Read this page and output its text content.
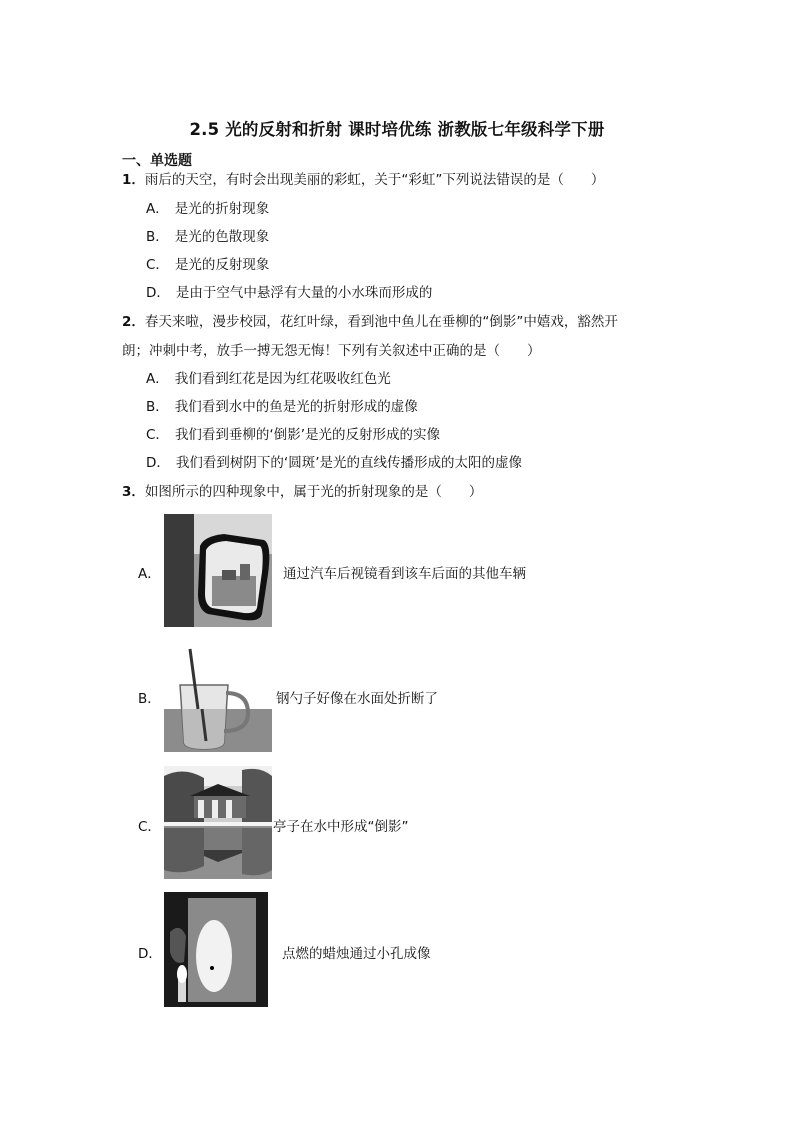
2.5 光的反射和折射 课时培优练 浙教版七年级科学下册
一、单选题
1．雨后的天空，有时会出现美丽的彩虹，关于“彩虹”下列说法错误的是（　　）
A． 是光的折射现象
B． 是光的色散现象
C． 是光的反射现象
D． 是由于空气中悬浮有大量的小水珠而形成的
2．春天来啦，漫步校园，花红叶绿，看到池中鱼儿在垂柳的“倒影”中嬉戏，豁然开
朗；冲刺中考，放手一搏无怨无悔！下列有关叙述中正确的是（　　）
A． 我们看到红花是因为红花吸收红色光
B． 我们看到水中的鱼是光的折射形成的虚像
C． 我们看到垂柳的‘倒影’是光的反射形成的实像
D． 我们看到树阴下的‘圆斑’是光的直线传播形成的太阳的虚像
3．如图所示的四种现象中，属于光的折射现象的是（　　）
A．	通过汽车后视镜看到该车后面的其他车辆
B．	钢勺子好像在水面处折断了
C．	亭子在水中形成“倒影”
D．	点燃的蜡烛通过小孔成像
